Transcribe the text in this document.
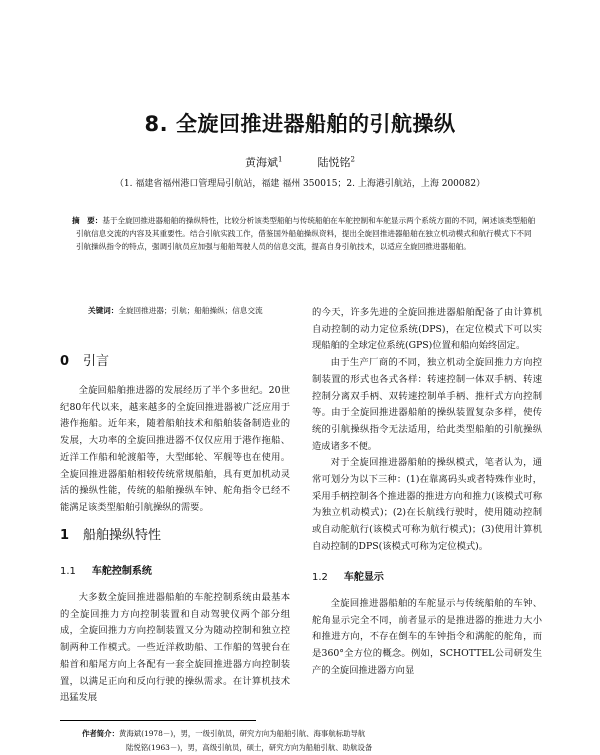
8. 全旋回推进器船舶的引航操纵
黄海斌$^1$	陆悦铭$^2$
（1. 福建省福州港口管理局引航站，福建 福州 350015；2. 上海港引航站，上海 200082）
摘　要：基于全旋回推进器船舶的操纵特性，比较分析该类型船舶与传统船舶在车舵控制和车舵显示两个系统方面的不同，阐述该类型船舶引航信息交流的内容及其重要性。结合引航实践工作，借鉴国外船舶操纵资料，提出全旋回推进器船舶在独立机动模式和航行模式下不同引航操纵指令的特点，强调引航员应加强与船舶驾驶人员的信息交流，提高自身引航技术，以适应全旋回推进器船舶。
关键词：全旋回推进器；引航；船舶操纵；信息交流
0 引言

全旋回船舶推进器的发展经历了半个多世纪。20世纪80年代以来，越来越多的全旋回推进器被广泛应用于港作拖船。近年来，随着船舶技术和船舶装备制造业的发展，大功率的全旋回推进器不仅仅应用于港作拖船、近洋工作船和轮渡船等，大型邮轮、军舰等也在使用。全旋回推进器船舶相较传统常规船舶，具有更加机动灵活的操纵性能，传统的船舶操纵车钟、舵角指令已经不能满足该类型船舶引航操纵的需要。

1 船舶操纵特性
1.1 车舵控制系统

大多数全旋回推进器船舶的车舵控制系统由最基本的全旋回推力方向控制装置和自动驾驶仪两个部分组成，全旋回推力方向控制装置又分为随动控制和独立控制两种工作模式。一些近洋救助船、工作船的驾驶台在船首和船尾方向上各配有一套全旋回推进器方向控制装置，以满足正向和反向行驶的操纵需求。在计算机技术迅猛发展

的今天，许多先进的全旋回推进器船舶配备了由计算机自动控制的动力定位系统(DPS)，在定位模式下可以实现船舶的全球定位系统(GPS)位置和船向始终固定。

由于生产厂商的不同，独立机动全旋回推力方向控制装置的形式也各式各样：转速控制一体双手柄、转速控制分离双手柄、双转速控制单手柄、推杆式方向控制等。由于全旋回推进器船舶的操纵装置复杂多样，使传统的引航操纵指令无法适用，给此类型船舶的引航操纵造成诸多不便。

对于全旋回推进器船舶的操纵模式，笔者认为，通常可划分为以下三种：(1)在靠离码头或者特殊作业时，采用手柄控制各个推进器的推进方向和推力(该模式可称为独立机动模式)；(2)在长航线行驶时，使用随动控制或自动舵航行(该模式可称为航行模式)；(3)使用计算机自动控制的DPS(该模式可称为定位模式)。

1.2 车舵显示

全旋回推进器船舶的车舵显示与传统船舶的车钟、舵角显示完全不同，前者显示的是推进器的推进力大小和推进方向，不存在倒车的车钟指令和满舵的舵角，而是360°全方位的概念。例如，SCHOTTEL公司研发生产的全旋回推进器方向显

作者简介：黄海斌(1978－)，男，一级引航员，研究方向为船舶引航、海事航标助导航
陆悦铭(1963－)，男，高级引航员，硕士，研究方向为船舶引航、助航设备
